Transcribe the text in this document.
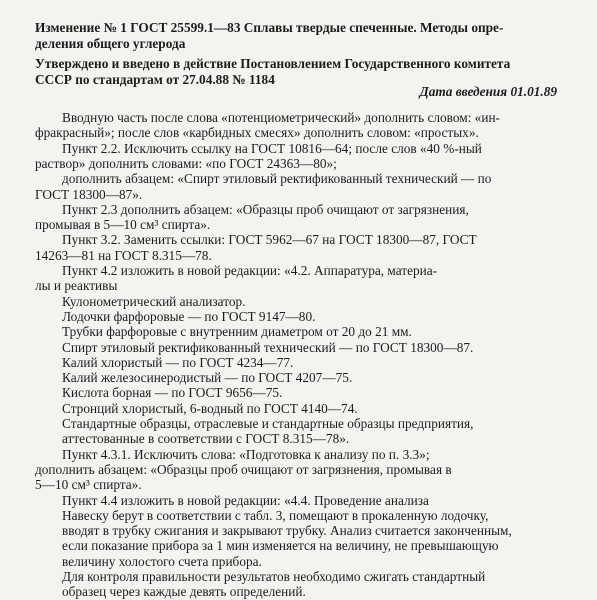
Изменение № 1 ГОСТ 25599.1—83 Сплавы твердые спеченные. Методы опре-
деления общего углерода
Утверждено и введено в действие Постановлением Государственного комитета
СССР по стандартам от 27.04.88 № 1184
Дата введения 01.01.89
Вводную часть после слова «потенциометрический» дополнить словом: «ин-
фракрасный»; после слов «карбидных смесях» дополнить словом: «простых».
Пункт 2.2. Исключить ссылку на ГОСТ 10816—64; после слов «40 %-ный
раствор» дополнить словами: «по ГОСТ 24363—80»;
дополнить абзацем: «Спирт этиловый ректификованный технический — по
ГОСТ 18300—87».
Пункт 2.3 дополнить абзацем: «Образцы проб очищают от загрязнения,
промывая в 5—10 см³ спирта».
Пункт 3.2. Заменить ссылки: ГОСТ 5962—67 на ГОСТ 18300—87, ГОСТ
14263—81 на ГОСТ 8.315—78.
Пункт 4.2 изложить в новой редакции: «4.2. Аппаратура, материа-
лы и реактивы
Кулонометрический анализатор.
Лодочки фарфоровые — по ГОСТ 9147—80.
Трубки фарфоровые с внутренним диаметром от 20 до 21 мм.
Спирт этиловый ректификованный технический — по ГОСТ 18300—87.
Калий хлористый — по ГОСТ 4234—77.
Калий железосинеродистый — по ГОСТ 4207—75.
Кислота борная — по ГОСТ 9656—75.
Стронций хлористый, 6-водный по ГОСТ 4140—74.
Стандартные образцы, отраслевые и стандартные образцы предприятия,
аттестованные в соответствии с ГОСТ 8.315—78».
Пункт 4.3.1. Исключить слова: «Подготовка к анализу по п. 3.3»;
дополнить абзацем: «Образцы проб очищают от загрязнения, промывая в
5—10 см³ спирта».
Пункт 4.4 изложить в новой редакции: «4.4. Проведение анализа
Навеску берут в соответствии с табл. 3, помещают в прокаленную лодочку,
вводят в трубку сжигания и закрывают трубку. Анализ считается законченным,
если показание прибора за 1 мин изменяется на величину, не превышающую
величину холостого счета прибора.
Для контроля правильности результатов необходимо сжигать стандартный
образец через каждые девять определений.
